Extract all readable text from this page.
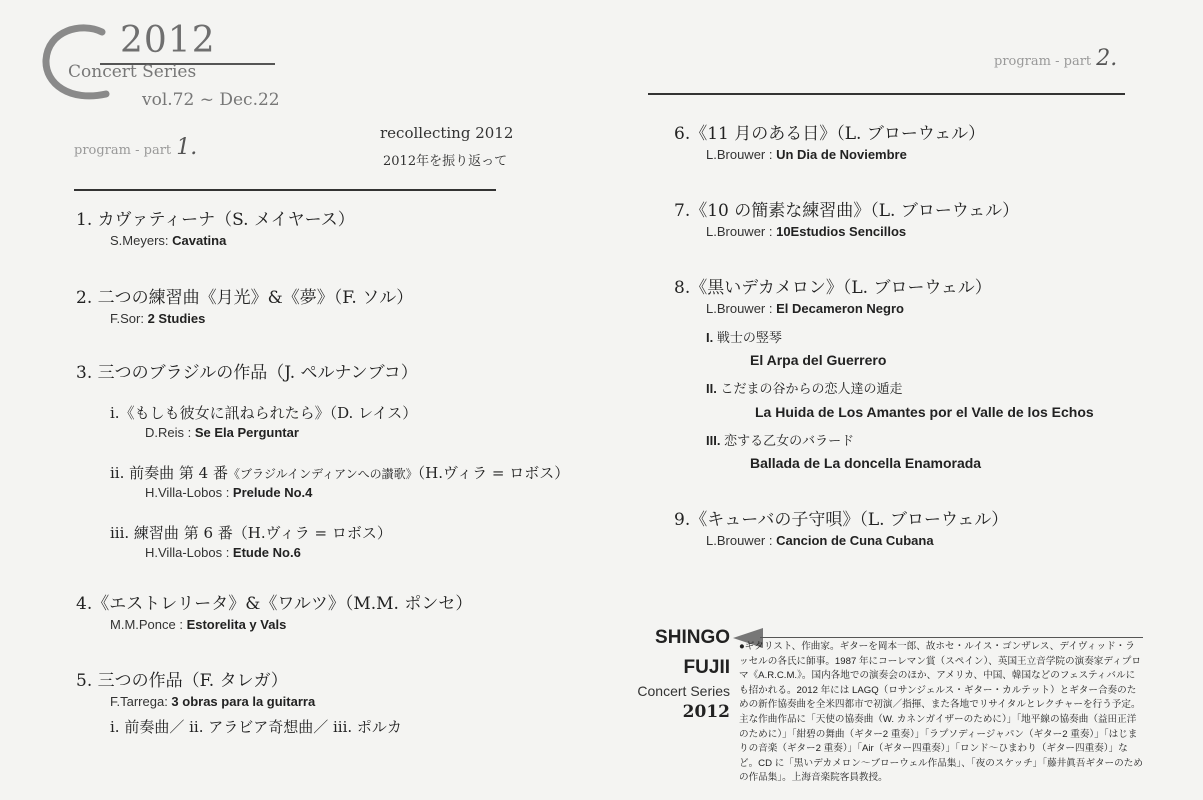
2012
Concert Series
vol.72 ~ Dec.22
program - part 1.
recollecting 2012
2012年を振り返って
1. カヴァティーナ（S. メイヤース）
S.Meyers: Cavatina
2. 二つの練習曲《月光》&《夢》（F. ソル）
F.Sor: 2 Studies
3. 三つのブラジルの作品（J. ペルナンブコ）
i.《もしも彼女に訊ねられたら》（D. レイス）
D.Reis : Se Ela Perguntar
ii. 前奏曲 第 4 番《ブラジルインディアンへの讃歌》（H.ヴィラ = ロボス）
H.Villa-Lobos : Prelude No.4
iii. 練習曲 第 6 番（H.ヴィラ = ロボス）
H.Villa-Lobos : Etude No.6
4.《エストレリータ》&《ワルツ》（M.M. ポンセ）
M.M.Ponce : Estorelita y Vals
5. 三つの作品（F. タレガ）
F.Tarrega: 3 obras para la guitarra
i. 前奏曲／ ii. アラビア奇想曲／ iii. ポルカ
program - part 2.
6.《11 月のある日》（L. ブローウェル）
L.Brouwer : Un Dia de Noviembre
7.《10 の簡素な練習曲》（L. ブローウェル）
L.Brouwer : 10Estudios Sencillos
8.《黒いデカメロン》（L. ブローウェル）
L.Brouwer : El Decameron Negro
I. 戦士の竪琴
El Arpa del Guerrero
II. こだまの谷からの恋人達の遁走
La Huida de Los Amantes por el Valle de los Echos
III. 恋する乙女のバラード
Ballada de La doncella Enamorada
9.《キューバの子守唄》（L. ブローウェル）
L.Brouwer : Cancion de Cuna Cubana
SHINGO
FUJII
Concert Series
2012
●ギタリスト、作曲家。ギターを岡本一郎、故ホセ・ルイス・ゴンザレス、デイヴィッド・ラッセルの各氏に師事。1987 年にコーレマン賞（スペイン）、英国王立音学院の演奏家ディプロマ《A.R.C.M.》。国内各地での演奏会のほか、アメリカ、中国、韓国などのフェスティバルにも招かれる。2012 年には LAGQ（ロサンジェルス・ギター・カルテット）とギター合奏のための新作協奏曲を全米四都市で初演／指揮、また各地でリサイタルとレクチャーを行う予定。主な作曲作品に「天使の協奏曲（W. カネンガイザーのために）」「地平線の協奏曲（益田正洋のために）」「紺碧の舞曲（ギター2 重奏）」「ラプソディージャパン（ギター2 重奏）」「はじまりの音楽（ギター2 重奏）」「Air（ギター四重奏）」「ロンド〜ひまわり（ギター四重奏）」など。CD に「黒いデカメロン〜ブローウェル作品集」、「夜のスケッチ」「藤井眞吾ギターのための作品集」。上海音楽院客員教授。
